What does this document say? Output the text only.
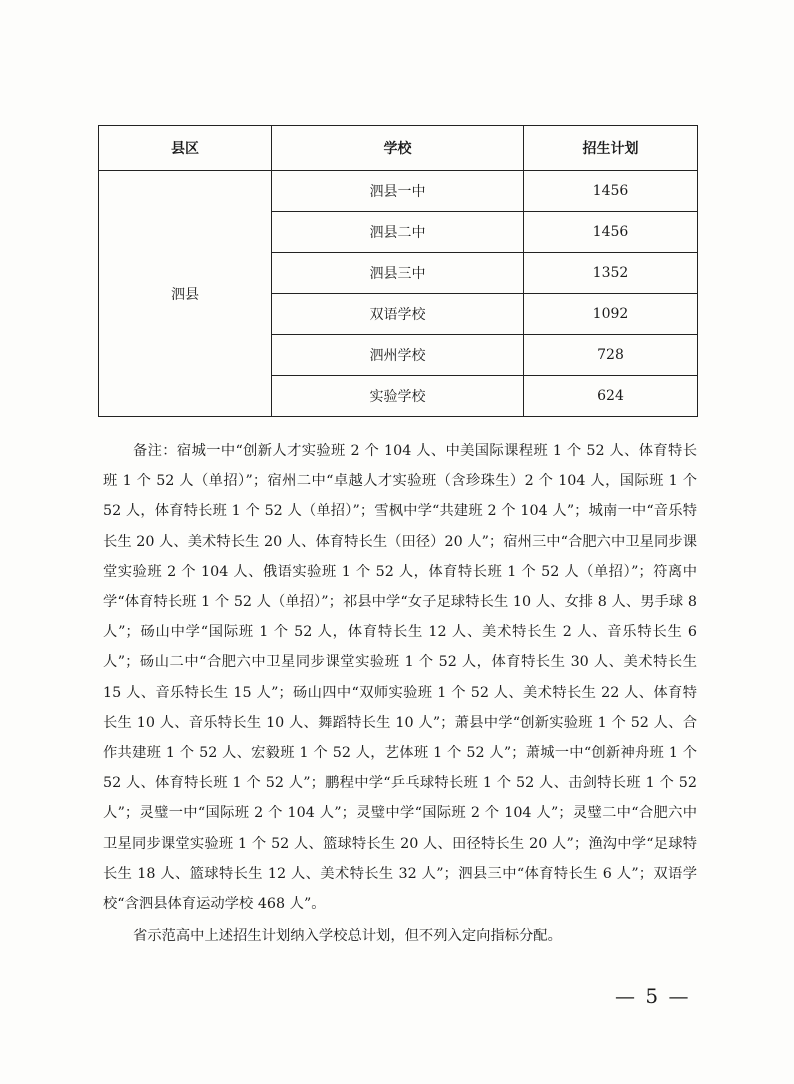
县区	学校	招生计划
泗县	泗县一中	1456
	泗县二中	1456
	泗县三中	1352
	双语学校	1092
	泗州学校	728
	实验学校	624

备注：宿城一中“创新人才实验班 2 个 104 人、中美国际课程班 1 个 52 人、体育特长班 1 个 52 人（单招）”；宿州二中“卓越人才实验班（含珍珠生）2 个 104 人，国际班 1 个 52 人，体育特长班 1 个 52 人（单招）”；雪枫中学“共建班 2 个 104 人”；城南一中“音乐特长生 20 人、美术特长生 20 人、体育特长生（田径）20 人”；宿州三中“合肥六中卫星同步课堂实验班 2 个 104 人、俄语实验班 1 个 52 人，体育特长班 1 个 52 人（单招）”；符离中学“体育特长班 1 个 52 人（单招）”；祁县中学“女子足球特长生 10 人、女排 8 人、男手球 8 人”；砀山中学“国际班 1 个 52 人，体育特长生 12 人、美术特长生 2 人、音乐特长生 6 人”；砀山二中“合肥六中卫星同步课堂实验班 1 个 52 人，体育特长生 30 人、美术特长生 15 人、音乐特长生 15 人”；砀山四中“双师实验班 1 个 52 人、美术特长生 22 人、体育特长生 10 人、音乐特长生 10 人、舞蹈特长生 10 人”；萧县中学“创新实验班 1 个 52 人、合作共建班 1 个 52 人、宏毅班 1 个 52 人，艺体班 1 个 52 人”；萧城一中“创新神舟班 1 个 52 人、体育特长班 1 个 52 人”；鹏程中学“乒乓球特长班 1 个 52 人、击剑特长班 1 个 52 人”；灵璧一中“国际班 2 个 104 人”；灵璧中学“国际班 2 个 104 人”；灵璧二中“合肥六中卫星同步课堂实验班 1 个 52 人、篮球特长生 20 人、田径特长生 20 人”；渔沟中学“足球特长生 18 人、篮球特长生 12 人、美术特长生 32 人”；泗县三中“体育特长生 6 人”；双语学校“含泗县体育运动学校 468 人”。

省示范高中上述招生计划纳入学校总计划，但不列入定向指标分配。

— 5 —
